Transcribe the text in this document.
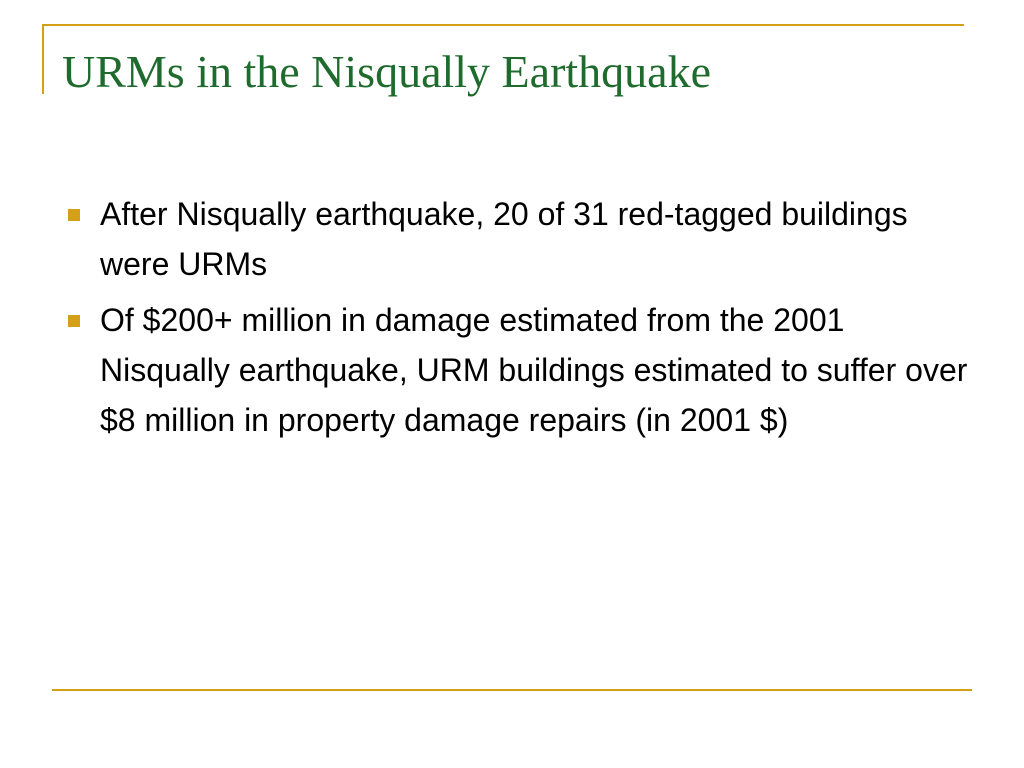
URMs in the Nisqually Earthquake
After Nisqually earthquake, 20 of 31 red-tagged buildings were URMs
Of $200+ million in damage estimated from the 2001 Nisqually earthquake, URM buildings estimated to suffer over $8 million in property damage repairs (in 2001 $)
